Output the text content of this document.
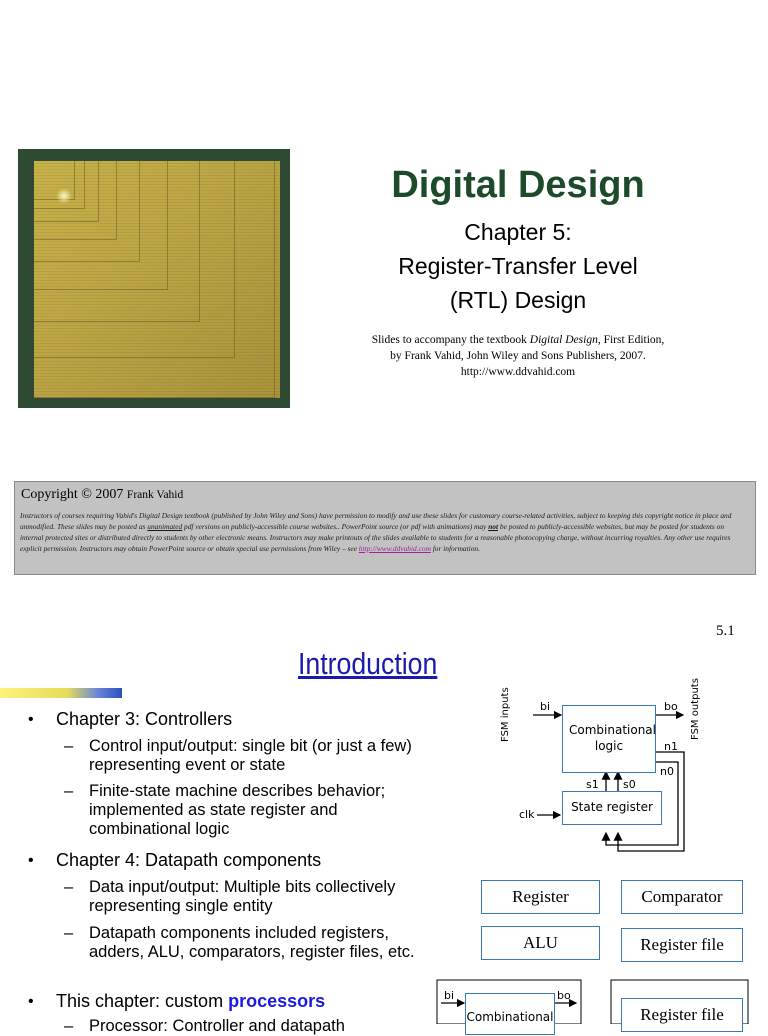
Digital Design
Chapter 5:
Register-Transfer Level
(RTL) Design
Slides to accompany the textbook Digital Design, First Edition,
by Frank Vahid, John Wiley and Sons Publishers, 2007.
http://www.ddvahid.com
Copyright © 2007 Frank Vahid
Instructors of courses requiring Vahid's Digital Design textbook (published by John Wiley and Sons) have permission to modify and use these slides for customary course-related activities, subject to keeping this copyright notice in place and unmodified. These slides may be posted as unanimated pdf versions on publicly-accessible course websites.. PowerPoint source (or pdf with animations) may not be posted to publicly-accessible websites, but may be posted for students on internal protected sites or distributed directly to students by other electronic means. Instructors may make printouts of the slides available to students for a reasonable photocopying charge, without incurring royalties. Any other use requires explicit permission. Instructors may obtain PowerPoint source or obtain special use permissions from Wiley – see http://www.ddvahid.com for information.
5.1
Introduction
• Chapter 3: Controllers
– Control input/output: single bit (or just a few) representing event or state
– Finite-state machine describes behavior; implemented as state register and combinational logic
• Chapter 4: Datapath components
– Data input/output: Multiple bits collectively representing single entity
– Datapath components included registers, adders, ALU, comparators, register files, etc.
• This chapter: custom processors
– Processor: Controller and datapath
Combinational logic
State register
FSM inputs	FSM outputs
bi	bo
n1
n0
s1 s0
clk
Register	Comparator
ALU	Register file
bi	bo
Combinational	Register file
